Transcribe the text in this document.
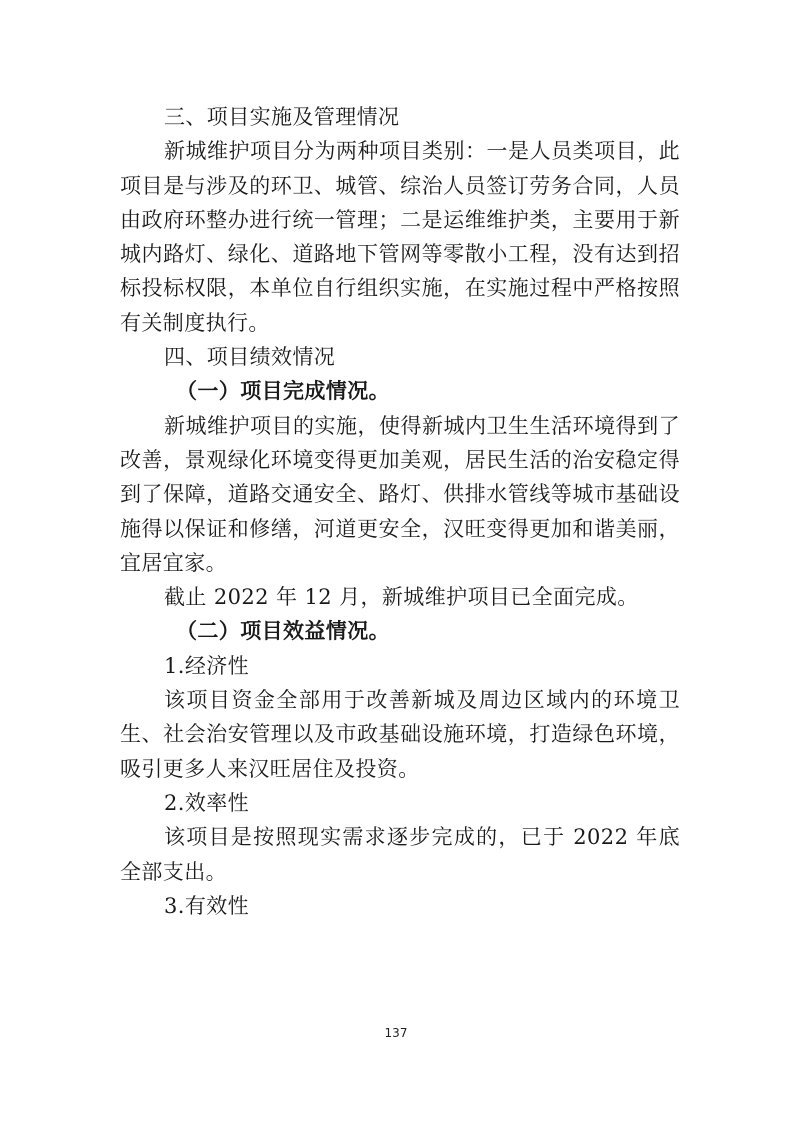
三、项目实施及管理情况

新城维护项目分为两种项目类别：一是人员类项目，此项目是与涉及的环卫、城管、综治人员签订劳务合同，人员由政府环整办进行统一管理；二是运维维护类，主要用于新城内路灯、绿化、道路地下管网等零散小工程，没有达到招标投标权限，本单位自行组织实施，在实施过程中严格按照有关制度执行。

四、项目绩效情况

（一）项目完成情况。

新城维护项目的实施，使得新城内卫生生活环境得到了改善，景观绿化环境变得更加美观，居民生活的治安稳定得到了保障，道路交通安全、路灯、供排水管线等城市基础设施得以保证和修缮，河道更安全，汉旺变得更加和谐美丽，宜居宜家。

截止 2022 年 12 月，新城维护项目已全面完成。

（二）项目效益情况。

1.经济性

该项目资金全部用于改善新城及周边区域内的环境卫生、社会治安管理以及市政基础设施环境，打造绿色环境，吸引更多人来汉旺居住及投资。

2.效率性

该项目是按照现实需求逐步完成的，已于 2022 年底全部支出。

3.有效性

137
